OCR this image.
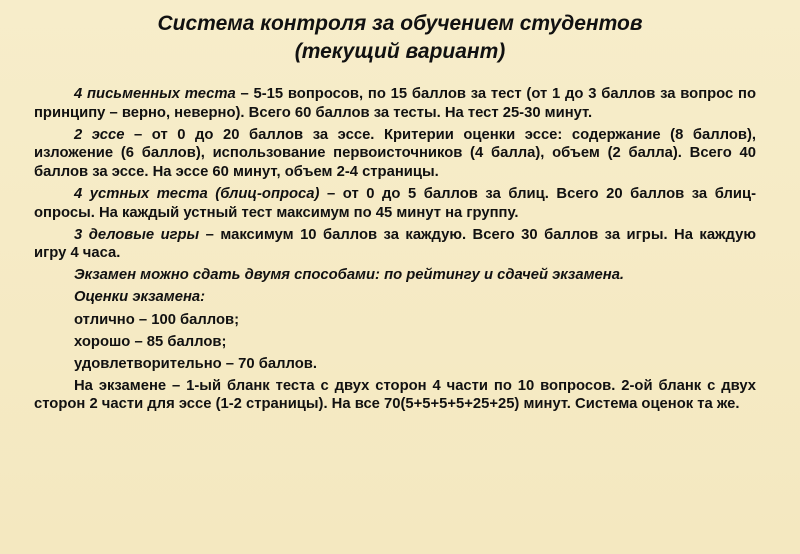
Система контроля за обучением студентов
(текущий вариант)

4 письменных теста – 5-15 вопросов, по 15 баллов за тест (от 1 до 3 баллов за вопрос по принципу – верно, неверно). Всего 60 баллов за тесты. На тест 25-30 минут.

2 эссе – от 0 до 20 баллов за эссе. Критерии оценки эссе: содержание (8 баллов), изложение (6 баллов), использование первоисточников (4 балла), объем (2 балла). Всего 40 баллов за эссе. На эссе 60 минут, объем 2-4 страницы.

4 устных теста (блиц-опроса) – от 0 до 5 баллов за блиц. Всего 20 баллов за блиц-опросы. На каждый устный тест максимум по 45 минут на группу.

3 деловые игры – максимум 10 баллов за каждую. Всего 30 баллов за игры. На каждую игру 4 часа.

Экзамен можно сдать двумя способами: по рейтингу и сдачей экзамена.

Оценки экзамена:

отлично – 100 баллов;

хорошо – 85 баллов;

удовлетворительно – 70 баллов.

На экзамене – 1-ый бланк теста с двух сторон 4 части по 10 вопросов. 2-ой бланк с двух сторон 2 части для эссе (1-2 страницы). На все 70(5+5+5+5+25+25) минут. Система оценок та же.
